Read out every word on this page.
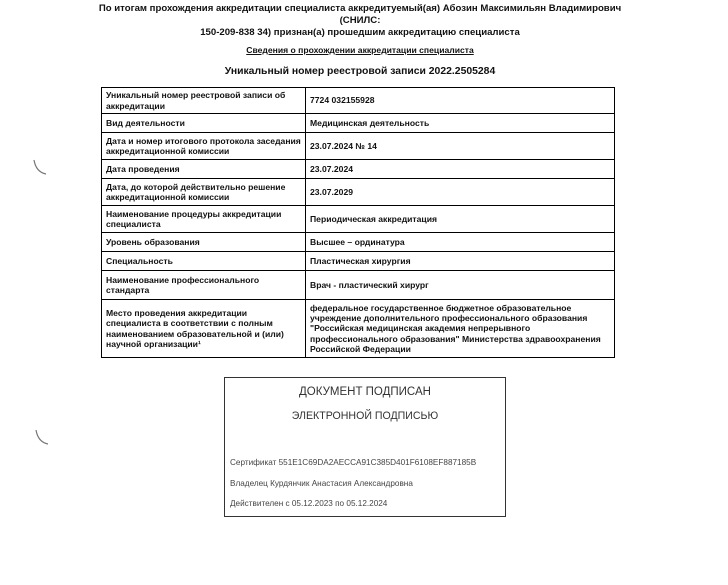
По итогам прохождения аккредитации специалиста аккредитуемый(ая) Абозин Максимильян Владимирович (СНИЛС:
150-209-838 34) признан(а) прошедшим аккредитацию специалиста
Сведения о прохождении аккредитации специалиста
Уникальный номер реестровой записи 2022.2505284
Уникальный номер реестровой записи об аккредитации	7724 032155928
Вид деятельности	Медицинская деятельность
Дата и номер итогового протокола заседания аккредитационной комиссии	23.07.2024 № 14
Дата проведения	23.07.2024
Дата, до которой действительно решение аккредитационной комиссии	23.07.2029
Наименование процедуры аккредитации специалиста	Периодическая аккредитация
Уровень образования	Высшее – ординатура
Специальность	Пластическая хирургия
Наименование профессионального стандарта	Врач - пластический хирург
Место проведения аккредитации специалиста в соответствии с полным наименованием образовательной и (или) научной организации¹	федеральное государственное бюджетное образовательное учреждение дополнительного профессионального образования "Российская медицинская академия непрерывного профессионального образования" Министерства здравоохранения Российской Федерации
ДОКУМЕНТ ПОДПИСАН
ЭЛЕКТРОННОЙ ПОДПИСЬЮ
Сертификат 551E1C69DA2AECCA91C385D401F6108EF887185B
Владелец Курдянчик Анастасия Александровна
Действителен с 05.12.2023 по 05.12.2024
